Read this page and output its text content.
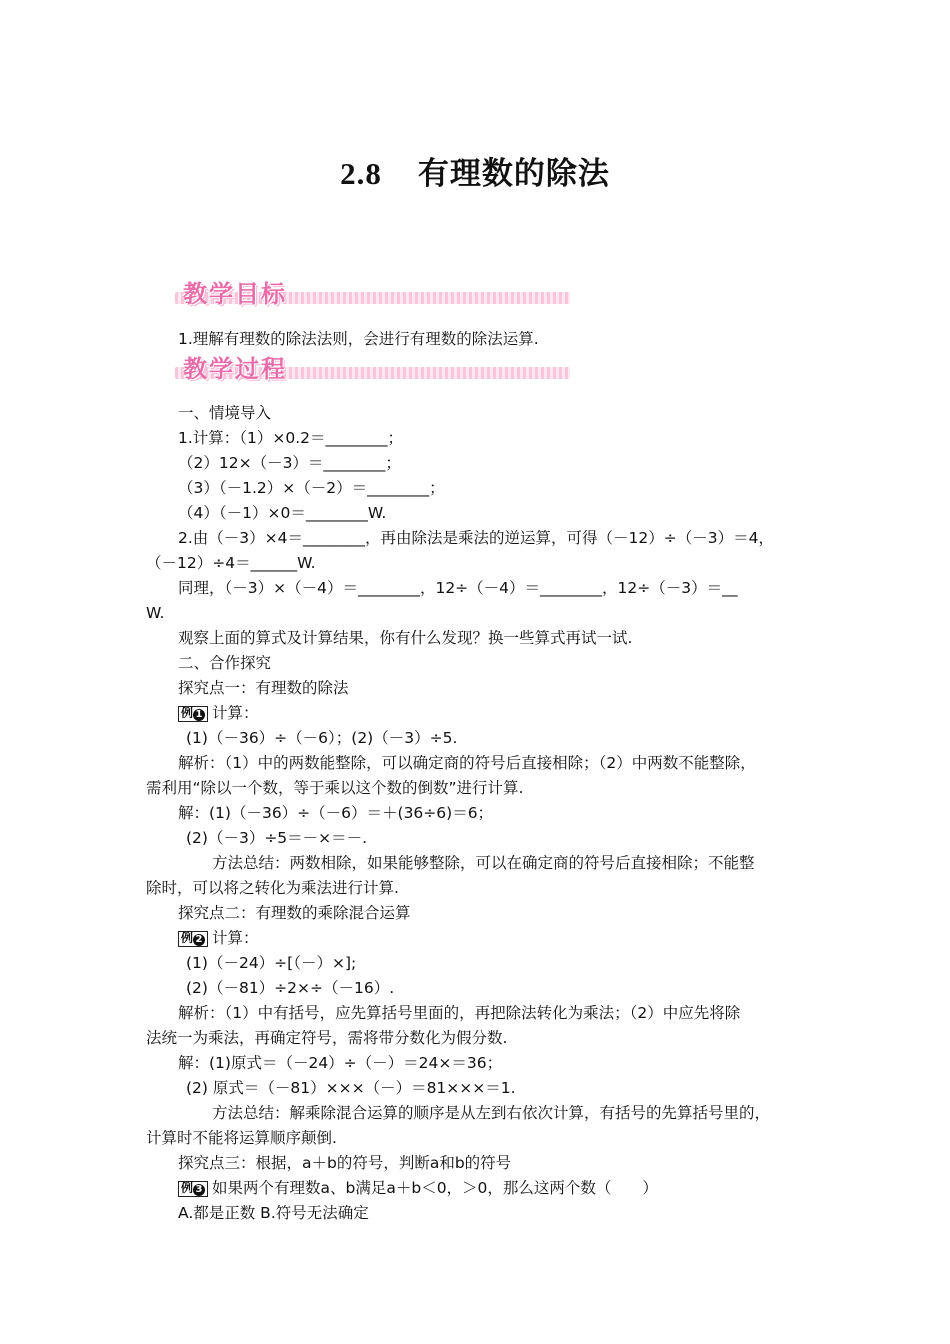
2.8 有理数的除法
教学目标
1.理解有理数的除法法则，会进行有理数的除法运算.
教学过程
一、情境导入
1.计算：（1）×0.2＝________；
（2）12×（－3）＝________；
（3）（－1.2）×（－2）＝________；
（4）（－1）×0＝________W.
2.由（－3）×4＝________，再由除法是乘法的逆运算，可得（－12）÷（－3）＝4，
（－12）÷4＝______W.
同理，（－3）×（－4）＝________，12÷（－4）＝________，12÷（－3）＝__
W.
观察上面的算式及计算结果，你有什么发现？换一些算式再试一试.
二、合作探究
探究点一：有理数的除法
例 1 计算：
(1)（－36）÷（－6）；(2)（－3）÷5.
解析：（1）中的两数能整除，可以确定商的符号后直接相除；（2）中两数不能整除，
需利用“除以一个数，等于乘以这个数的倒数”进行计算.
解：(1)（－36）÷（－6）＝＋(36÷6)＝6；
(2)（－3）÷5＝－×＝－.
方法总结：两数相除，如果能够整除，可以在确定商的符号后直接相除；不能整
除时，可以将之转化为乘法进行计算.
探究点二：有理数的乘除混合运算
例 2 计算：
(1)（－24）÷[（－）×];
(2)（－81）÷2×÷（－16）.
解析：（1）中有括号，应先算括号里面的，再把除法转化为乘法；（2）中应先将除
法统一为乘法，再确定符号，需将带分数化为假分数.
解：(1)原式＝（－24）÷（－）＝24×＝36；
(2) 原式＝（－81）×××（－）＝81×××＝1.
方法总结：解乘除混合运算的顺序是从左到右依次计算，有括号的先算括号里的，
计算时不能将运算顺序颠倒.
探究点三：根据，a＋b的符号，判断a和b的符号
例 3 如果两个有理数a、b满足a＋b＜0，＞0，那么这两个数（　　）
A.都是正数 B.符号无法确定
